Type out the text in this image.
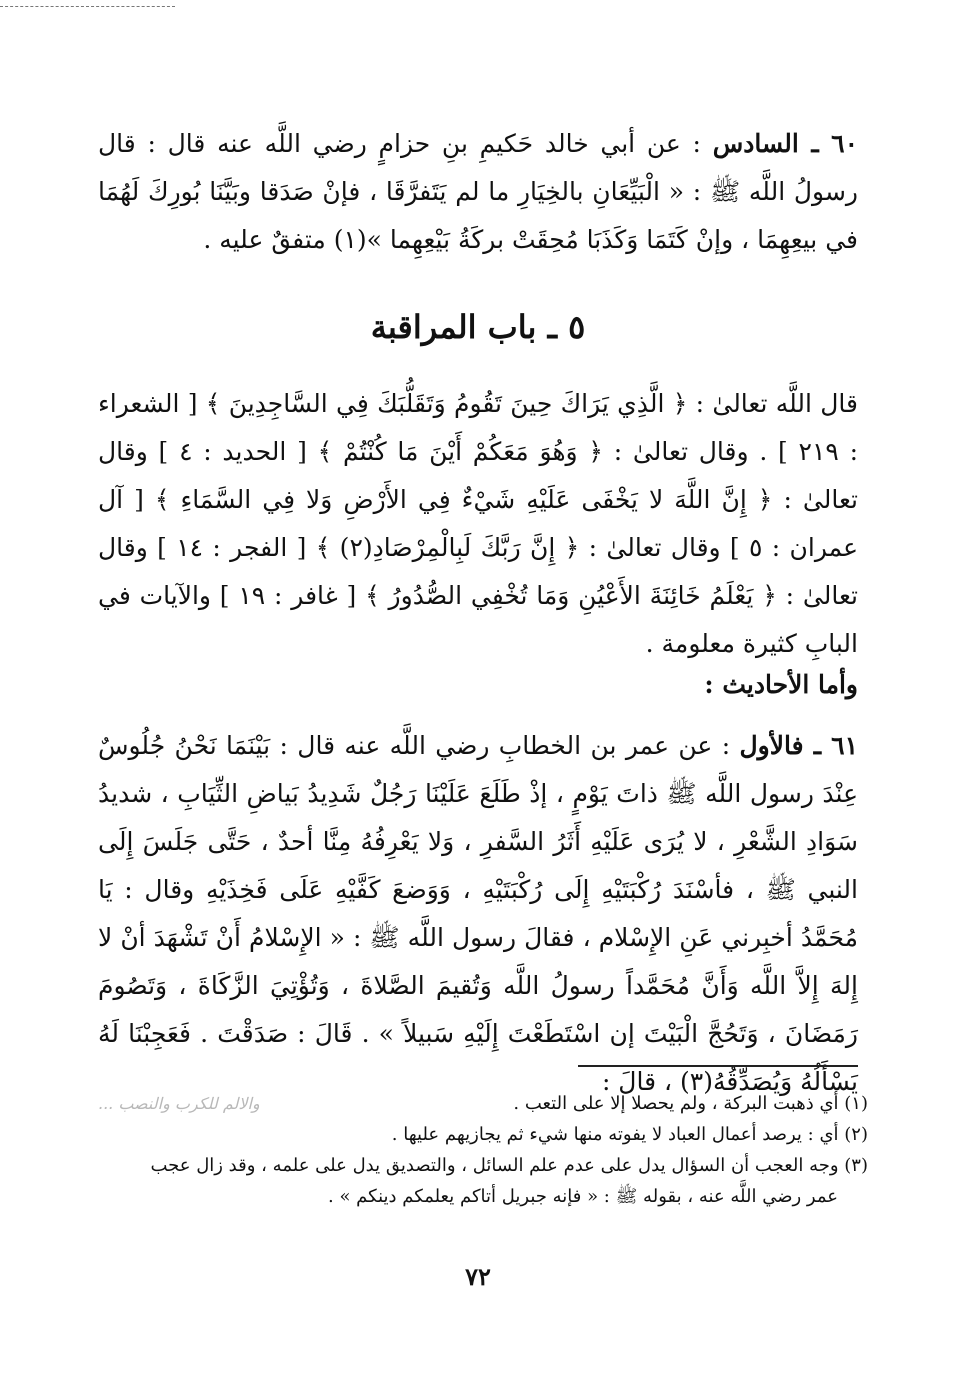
٦٠ ـ السادس : عن أبي خالد حَكيمِ بنِ حزامٍ رضي اللَّه عنه قال : قال رسولُ اللَّه ﷺ : « الْبَيِّعَانِ بالخِيَارِ ما لم يَتَفرَّقَا ، فإنْ صَدَقا وبَيَّنَا بُورِكَ لَهُمَا في بيعِهِمَا ، وإنْ كَتَمَا وَكَذَبَا مُحِقَتْ بركَةُ بَيْعِهِما »(١) متفقٌ عليه .

٥ ـ باب المراقبة

قال اللَّه تعالىٰ : ﴿ الَّذِي يَرَاكَ حِينَ تَقُومُ وَتَقَلُّبَكَ فِي السَّاجِدِينَ ﴾ [ الشعراء : ٢١٩ ] . وقال تعالىٰ : ﴿ وَهُوَ مَعَكُمْ أَيْنَ مَا كُنْتُمْ ﴾ [ الحديد : ٤ ] وقال تعالىٰ : ﴿ إِنَّ اللَّهَ لا يَخْفَى عَلَيْهِ شَيْءٌ فِي الأَرْضِ وَلا فِي السَّمَاءِ ﴾ [ آل عمران : ٥ ] وقال تعالىٰ : ﴿ إِنَّ رَبَّكَ لَبِالْمِرْصَادِ(٢) ﴾ [ الفجر : ١٤ ] وقال تعالىٰ : ﴿ يَعْلَمُ خَائِنَةَ الأَعْيُنِ وَمَا تُخْفِي الصُّدُورُ ﴾ [ غافر : ١٩ ] والآيات في البابِ كثيرة معلومة .

وأما الأحاديث :

٦١ ـ فالأول : عن عمر بن الخطابِ رضي اللَّه عنه قال : بَيْنَمَا نَحْنُ جُلُوسٌ عِنْدَ رسول اللَّه ﷺ ذاتَ يَوْمٍ ، إذْ طَلَعَ عَلَيْنَا رَجُلٌ شَدِيدُ بَياضِ الثِّيَابِ ، شديدُ سَوَادِ الشَّعْرِ ، لا يُرَى عَلَيْهِ أَثَرُ السَّفرِ ، وَلا يَعْرِفُهُ مِنَّا أحدٌ ، حَتَّى جَلَسَ إِلَى النبي ﷺ ، فأسْنَدَ رُكْبَتَيْهِ إِلَى رُكْبَتَيْهِ ، وَوَضعَ كَفَّيْهِ عَلَى فَخِذَيْهِ وقال : يَا مُحَمَّدُ أخبِرني عَنِ الإِسْلام ، فقالَ رسول اللَّه ﷺ : « الإِسْلامُ أَنْ تَشْهَدَ أنْ لا إِلهَ إِلاَّ اللَّه وَأَنَّ مُحَمَّداً رسولُ اللَّه وَتُقيمَ الصَّلاةَ ، وَتُؤْتِيَ الزَّكَاةَ ، وَتَصُومَ رَمَضَانَ ، وَتَحُجَّ الْبَيْتَ إن اسْتَطَعْتَ إِلَيْهِ سَبيلاً » . قَالَ : صَدَقْتَ . فَعَجِبْنَا لَهُ يَسْأَلُهُ وَيُصَدِّقُهُ(٣) ، قالَ :

(١) أي ذهبت البركة ، ولم يحصلا إلا على التعب .

(٢) أي : يرصد أعمال العباد لا يفوته منها شيء ثم يجازيهم عليها .

(٣) وجه العجب أن السؤال يدل على عدم علم السائل ، والتصديق يدل على علمه ، وقد زال عجب

عمر رضي اللَّه عنه ، بقوله ﷺ : « فإنه جبريل أتاكم يعلمكم دينكم » .

٧٢

والالم للكرب والنصب ...
